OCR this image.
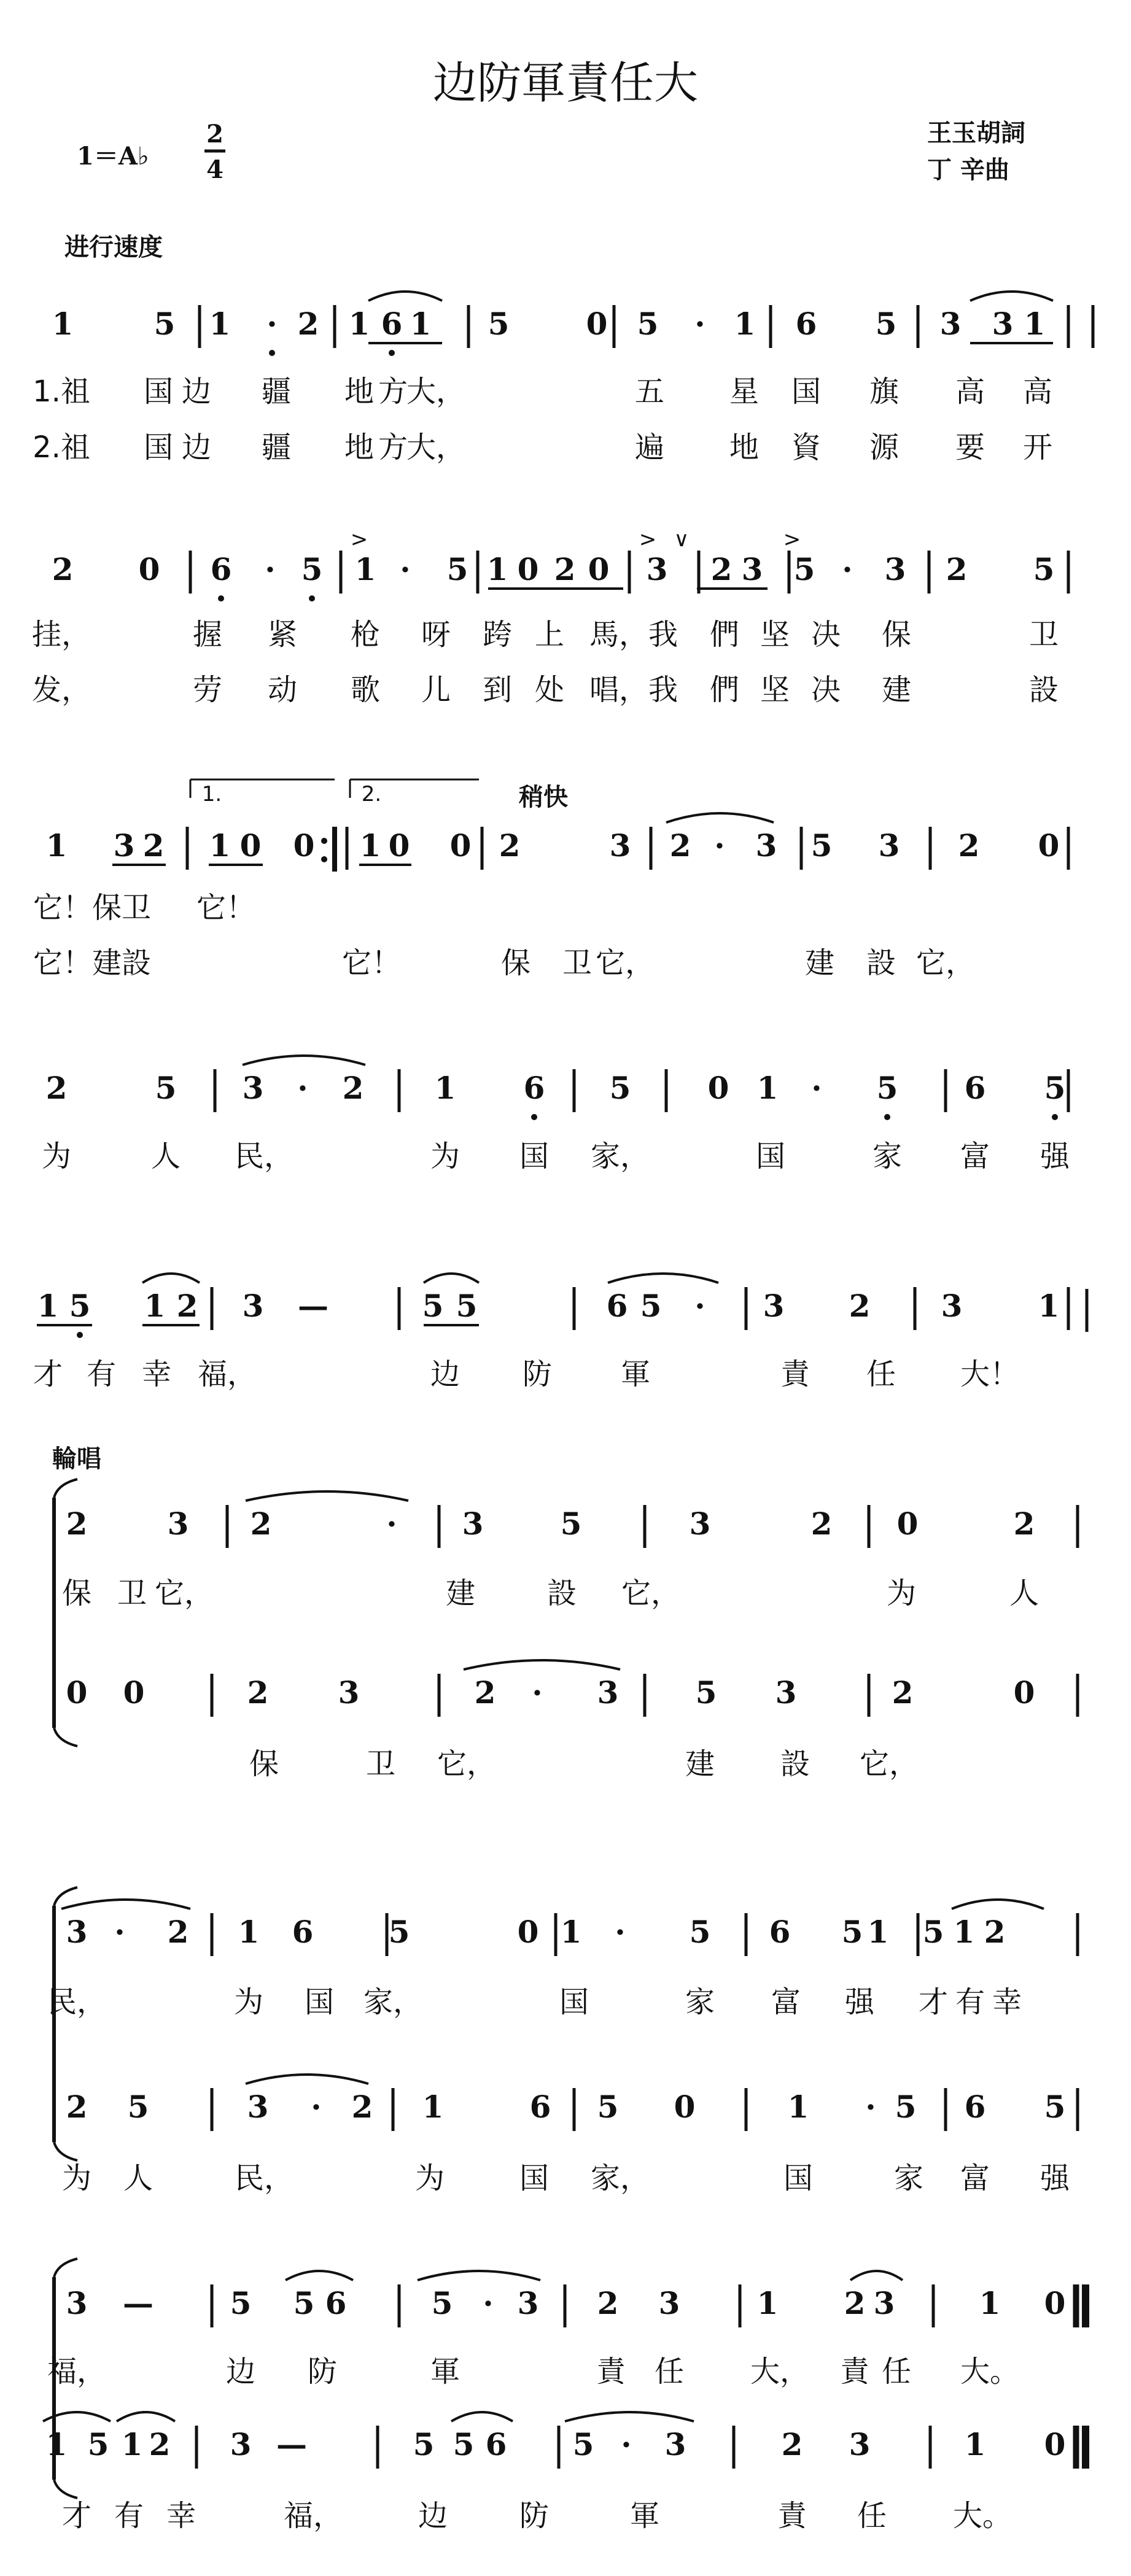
边防軍責任大
1＝A♭
2
4
王玉胡詞
丁 辛曲
进行速度
1	5 1 · 2 1 6 1 5	0 5 · 1 6 5 3 3 1
1.祖 国 边 疆 地 方
大，	五 星 国 旗 高 高
2.祖 国 边 疆 地 方
大，	遍 地 資 源 要 开
2 0 6 · 5 1 · 5 1 0 2 0 3 2 3 5 · 3 2 5
挂，	握 紧 枪 呀 跨 上 馬， 我 們 坚 决 保	卫
发，	劳 动 歌 儿 到 处 唱， 我 們 坚 决 建	設
1 3 2 1 0 0 1 0 0 2	3 2 · 3 5 3 2 0
它！保卫 它！
它！建設	它！	保 卫 它，	建 設 它，
2	5 3 · 2 1 6 5	0 1 · 5 6 5
为	人 民，	为 国 家，	国	家 富 强
1 5 1 2 3 —	5 5	6 5 · 3 2 3 1
才 有 幸 福，	边 防 軍	責 任 大！
>	> ∨	>
1.	2.	稍快
輪唱
2	3 2	· 3	5	3	2 0	2
保 卫 它，	建 設 它，	为	人
0 0	2 3	2 · 3	5 3	2	0
保	卫 它，	建 設 它，
3 · 2 1 6 5	0 1 · 5 6 5 1 5 1 2
民，	为 国 家，	国	家 富 强 才 有 幸
2 5	3 · 2 1	6 5 0	1 · 5 6 5
为 人	民，	为	国 家，	国	家 富 强
3 — 5 5 6	5 · 3 2 3	1 2 3	1 0
福，	边 防	軍	責 任 大， 責 任 大。
1 5 1 2 3 —	5 5 6 5 · 3	2 3	1 0
才 有 幸	福，	边 防	軍	責 任 大。
